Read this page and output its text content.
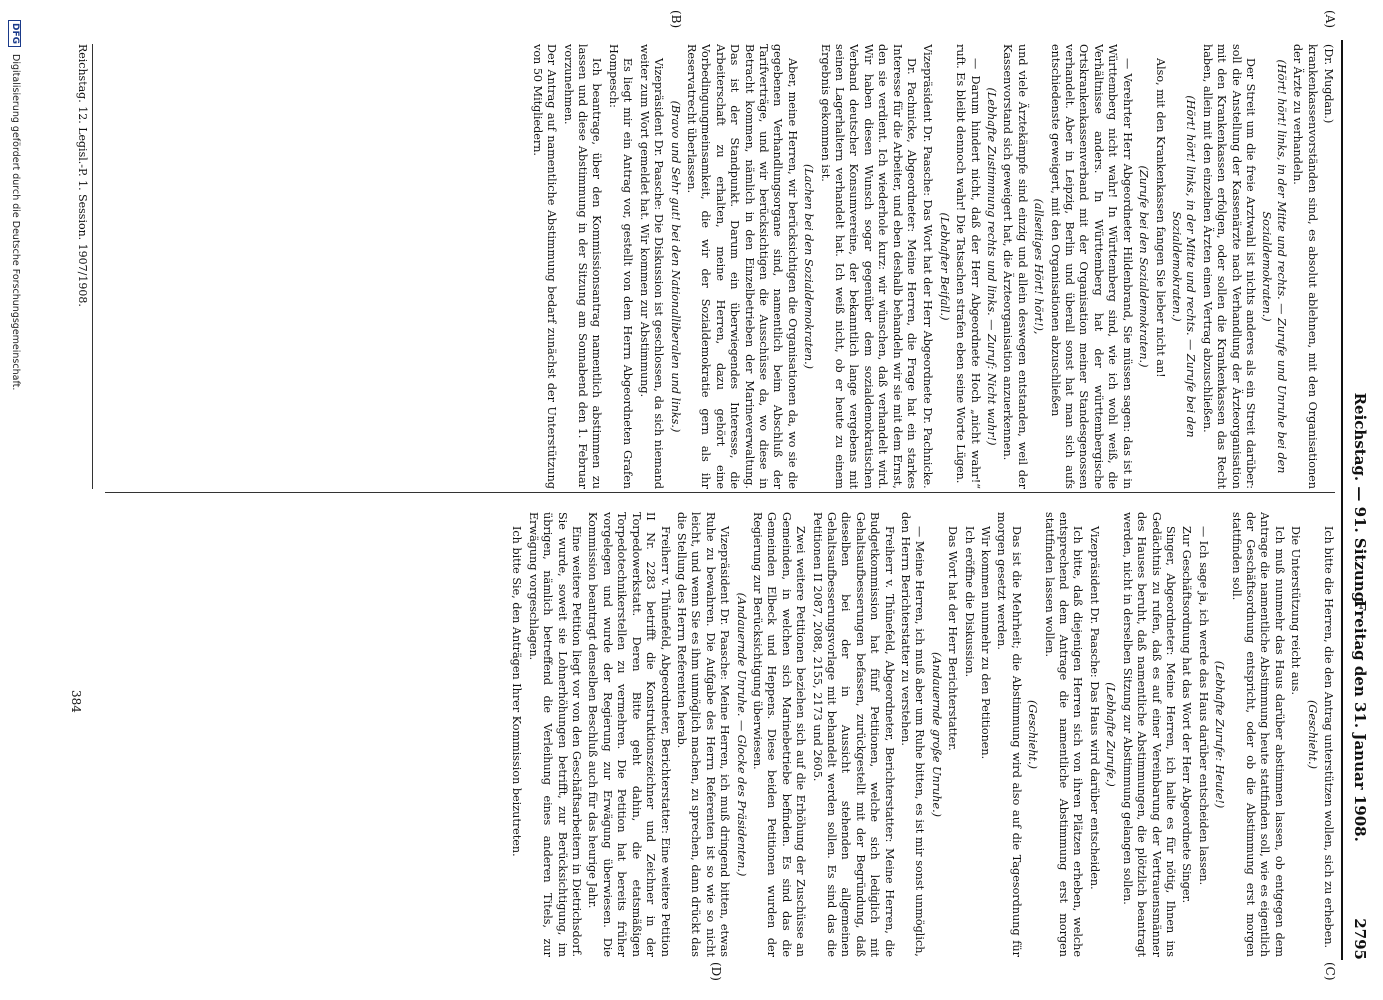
Reichstag. — 91. Sitzung.
Freitag den 31. Januar 1908.
2795
(A)
(B)
(C)
(D)

(Dr. Mugdan.)

krankenkassenvorständen sind, es absolut ablehnen, mit den Organisationen der Ärzte zu verhandeln.

(Hört! hört! links, in der Mitte und rechts. — Zurufe und Unruhe bei den Sozialdemokraten.)

Der Streit um die freie Arztwahl ist nichts anderes als ein Streit darüber: soll die Anstellung der Kassenärzte nach Verhandlung der Ärzteorganisation mit den Krankenkassen erfolgen, oder sollen die Krankenkassen das Recht haben, allein mit den einzelnen Ärzten einen Vertrag abzuschließen.

(Hört! hört! links, in der Mitte und rechts. — Zurufe bei den Sozialdemokraten.)

Also, mit den Krankenkassen fangen Sie lieber nicht an!

(Zurufe bei den Sozialdemokraten.)

— Verehrter Herr Abgeordneter Hildenbrand, Sie müssen sagen: das ist in Württemberg nicht wahr! In Württemberg sind, wie ich wohl weiß, die Verhältnisse anders. In Württemberg hat der württembergische Ortskrankenkassenverband mit der Organisation meiner Standesgenossen verhandelt. Aber in Leipzig, Berlin und überall sonst hat man sich aufs entschiedenste geweigert, mit den Organisationen abzuschließen

(allseitiges Hört! hört!),

und viele Ärztekämpfe sind einzig und allein deswegen entstanden, weil der Kassenvorstand sich geweigert hat, die Ärzteorganisation anzuerkennen.

(Lebhafte Zustimmung rechts und links. — Zuruf: Nicht wahr!)

— Darum hindert nicht, daß der Herr Abgeordnete Hoch „nicht wahr!“ ruft. Es bleibt dennoch wahr! Die Tatsachen strafen eben seine Worte Lügen.

(Lebhafter Beifall.)

Vizepräsident Dr. Paasche: Das Wort hat der Herr Abgeordnete Dr. Pachnicke.

Dr. Pachnicke, Abgeordneter: Meine Herren, die Frage hat ein starkes Interesse für die Arbeiter, und eben deshalb behandeln wir sie mit dem Ernst, den sie verdient. Ich wiederhole kurz: wir wünschen, daß verhandelt wird. Wir haben diesen Wunsch sogar gegenüber dem sozialdemokratischen Verband deutscher Konsumvereine, der bekanntlich lange vergebens mit seinen Lagerhaltern verhandelt hat. Ich weiß nicht, ob er heute zu einem Ergebnis gekommen ist.

(Lachen bei den Sozialdemokraten.)

Aber, meine Herren, wir berücksichtigen die Organisationen da, wo sie die gegebenen Verhandlungsorgane sind, namentlich beim Abschluß der Tarifverträge, und wir berücksichtigen die Ausschüsse da, wo diese in Betracht kommen, nämlich in den Einzelbetrieben der Marineverwaltung. Das ist der Standpunkt. Darum ein überwiegendes Interesse, die Arbeiterschaft zu erhalten, meine Herren, dazu gehört eine Vorbedingungmeinsamkeit, die wir der Sozialdemokratie gern als ihr Reservatrecht überlassen.

(Bravo und Sehr gut! bei den Nationalliberalen und links.)

Vizepräsident Dr. Paasche: Die Diskussion ist geschlossen, da sich niemand weiter zum Wort gemeldet hat. Wir kommen zur Abstimmung.

Es liegt mir ein Antrag vor, gestellt von dem Herrn Abgeordneten Grafen Hompesch:

Ich beantrage, über den Kommissionsantrag namentlich abstimmen zu lassen und diese Abstimmung in der Sitzung am Sonnabend den 1. Februar vorzunehmen.

Der Antrag auf namentliche Abstimmung bedarf zunächst der Unterstützung von 50 Mitgliedern.

Ich bitte die Herren, die den Antrag unterstützen wollen, sich zu erheben.

(Geschieht.)

Die Unterstützung reicht aus.

Ich muß nunmehr das Haus darüber abstimmen lassen, ob entgegen dem Antrage die namentliche Abstimmung heute stattfinden soll, wie es eigentlich der Geschäftsordnung entspricht, oder ob die Abstimmung erst morgen stattfinden soll.

(Lebhafte Zurufe: Heute!)

— Ich sage ja, ich werde das Haus darüber entscheiden lassen.

Zur Geschäftsordnung hat das Wort der Herr Abgeordnete Singer.

Singer, Abgeordneter: Meine Herren, ich halte es für nötig, Ihnen ins Gedächtnis zu rufen, daß es auf einer Vereinbarung der Vertrauensmänner des Hauses beruht, daß namentliche Abstimmungen, die plötzlich beantragt werden, nicht in derselben Sitzung zur Abstimmung gelangen sollen.

(Lebhafte Zurufe.)

Vizepräsident Dr. Paasche: Das Haus wird darüber entscheiden.

Ich bitte, daß diejenigen Herren sich von ihren Plätzen erheben, welche entsprechend dem Antrage die namentliche Abstimmung erst morgen stattfinden lassen wollen.

(Geschieht.)

Das ist die Mehrheit; die Abstimmung wird also auf die Tagesordnung für morgen gesetzt werden.

Wir kommen nunmehr zu den Petitionen.

Ich eröffne die Diskussion.

Das Wort hat der Herr Berichterstatter.

(Andauernde große Unruhe.)

— Meine Herren, ich muß aber um Ruhe bitten, es ist mir sonst unmöglich, den Herrn Berichterstatter zu verstehen.

Freiherr v. Thünefeld, Abgeordneter, Berichterstatter: Meine Herren, die Budgetkommission hat fünf Petitionen, welche sich lediglich mit Gehaltsaufbesserungen befassen, zurückgestellt mit der Begründung, daß dieselben bei der in Aussicht stehenden allgemeinen Gehaltsaufbesserungsvorlage mit behandelt werden sollen. Es sind das die Petitionen II 2087, 2088, 2155, 2173 und 2605.

Zwei weitere Petitionen beziehen sich auf die Erhöhung der Zuschüsse an Gemeinden, in welchen sich Marinebetriebe befinden. Es sind das die Gemeinden Elbeck und Heppens. Diese beiden Petitionen wurden der Regierung zur Berücksichtigung überwiesen.

(Andauernde Unruhe. — Glocke des Präsidenten.)

Vizepräsident Dr. Paasche: Meine Herren, ich muß dringend bitten, etwas Ruhe zu bewahren. Die Aufgabe des Herrn Referenten ist so wie so nicht leicht, und wenn Sie es ihm unmöglich machen, zu sprechen, dann drückt das die Stellung des Herrn Referenten herab.

Freiherr v. Thünefeld, Abgeordneter, Berichterstatter: Eine weitere Petition II Nr. 2283 betrifft die Konstruktionszeichner und Zeichner in der Torpedowerkstatt. Deren Bitte geht dahin, die etatsmäßigen Torpedotechnikerstellen zu vermehren. Die Petition hat bereits früher vorgelegen und wurde der Regierung zur Erwägung überwiesen. Die Kommission beantragt denselben Beschluß auch für das heurige Jahr.

Eine weitere Petition liegt vor von den Geschäftsarbeitern in Dietrichsdorf. Sie wurde, soweit sie Lohnerhöhungen betrifft, zur Berücksichtigung, im übrigen, nämlich betreffend die Verleihung eines anderen Titels, zur Erwägung vorgeschlagen.

Ich bitte Sie, den Anträgen Ihrer Kommission beizutreten.

Reichstag. 12. Legisl.-P. 1. Session. 1907/1908.
384
DFG Digitalisierung gefördert durch die Deutsche Forschungsgemeinschaft.
